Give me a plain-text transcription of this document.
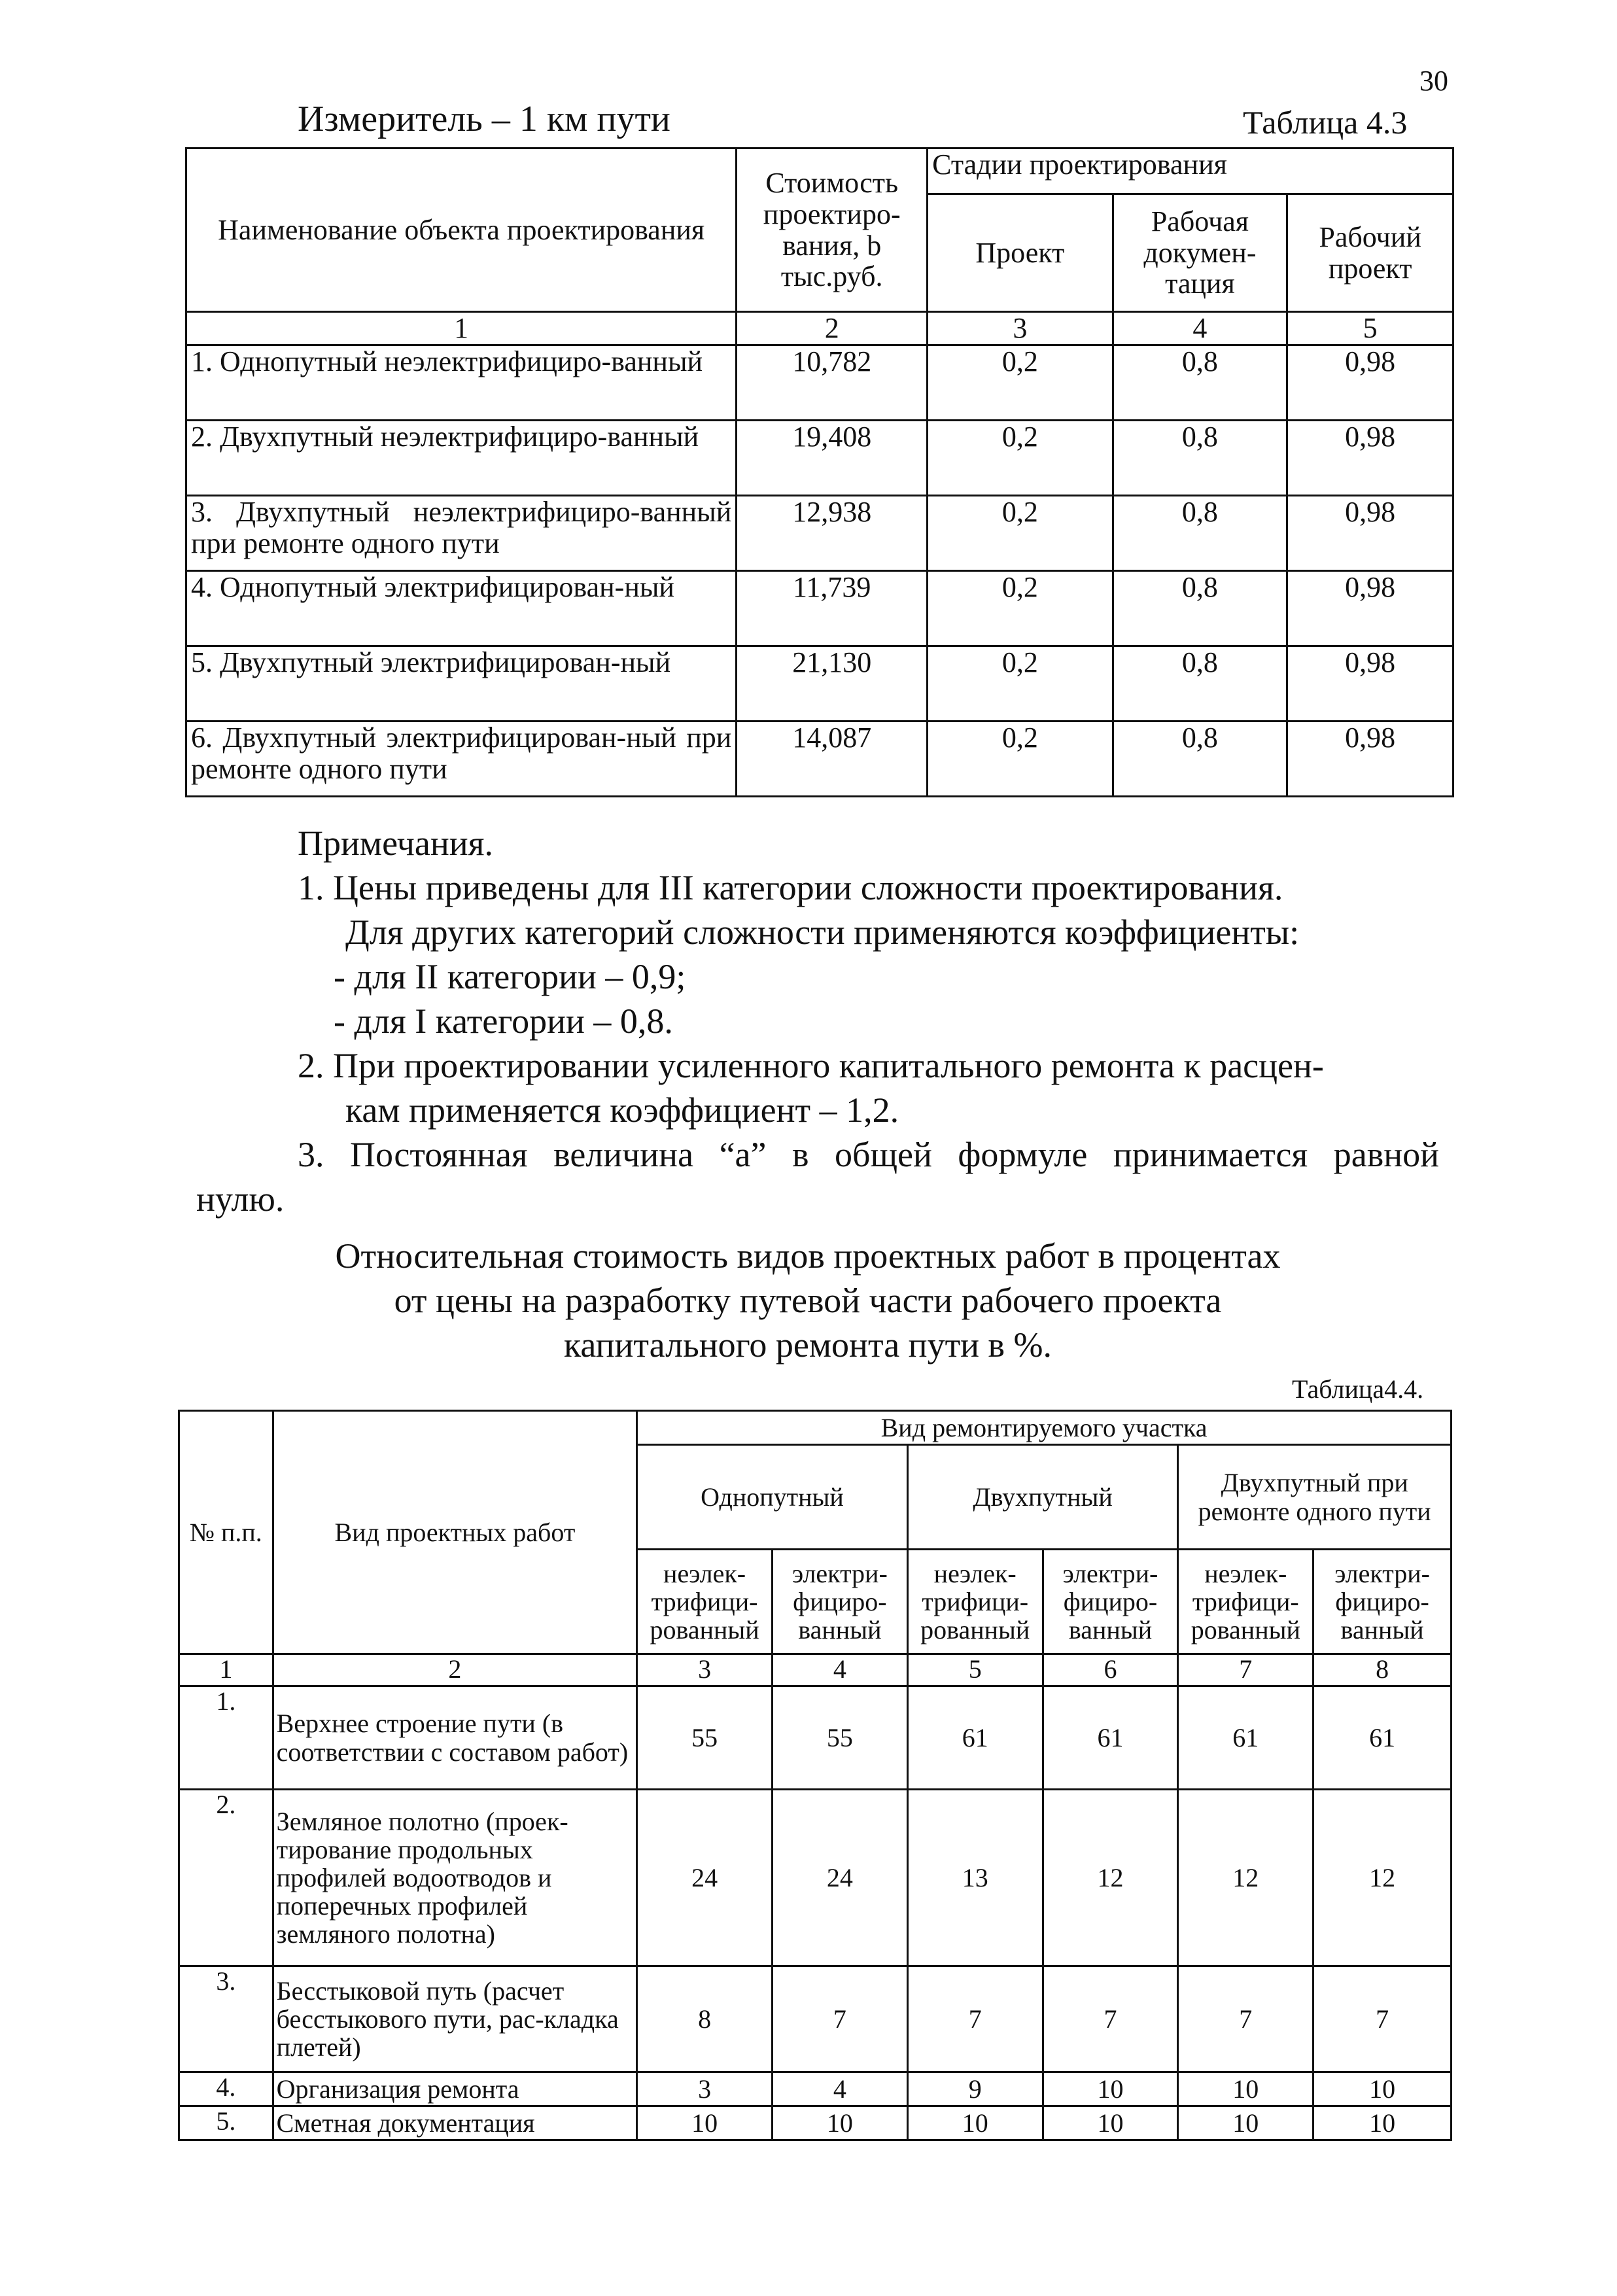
30
Измеритель – 1 км пути	Таблица 4.3
Наименование объекта проектирования	Стоимость проектиро-вания, b тыс.руб.	Стадии проектирования		
		Проект	Рабочая докумен-тация	Рабочий проект
1	2	3	4	5
1. Однопутный неэлектрифициро-ванный	10,782	0,2	0,8	0,98
2. Двухпутный неэлектрифициро-ванный	19,408	0,2	0,8	0,98
3. Двухпутный неэлектрифициро-ванный при ремонте одного пути	12,938	0,2	0,8	0,98
4. Однопутный электрифицирован-ный	11,739	0,2	0,8	0,98
5. Двухпутный электрифицирован-ный	21,130	0,2	0,8	0,98
6. Двухпутный электрифицирован-ный при ремонте одного пути	14,087	0,2	0,8	0,98
Примечания.
1. Цены приведены для III категории сложности проектирования.
Для других категорий сложности применяются коэффициенты:
- для II категории – 0,9;
- для I категории – 0,8.
2. При проектировании усиленного капитального ремонта к расцен-
кам применяется коэффициент – 1,2.
3. Постоянная величина “а” в общей формуле принимается равной
нулю.
Относительная стоимость видов проектных работ в процентах
от цены на разработку путевой части рабочего проекта
капитального ремонта пути в %.
Таблица4.4.
№ п.п.	Вид проектных работ	Вид ремонтируемого участка					
		Однопутный		Двухпутный		Двухпутный при ремонте одного пути	
		неэлек-трифици-рованный	электри-фициро-ванный	неэлек-трифици-рованный	электри-фициро-ванный	неэлек-трифици-рованный	электри-фициро-ванный
1	2	3	4	5	6	7	8
1.	Верхнее строение пути (в соответствии с составом работ)	55	55	61	61	61	61
2.	Земляное полотно (проек-тирование продольных профилей водоотводов и поперечных профилей земляного полотна)	24	24	13	12	12	12
3.	Бесстыковой путь (расчет бесстыкового пути, рас-кладка плетей)	8	7	7	7	7	7
4.	Организация ремонта	3	4	9	10	10	10
5.	Сметная документация	10	10	10	10	10	10
